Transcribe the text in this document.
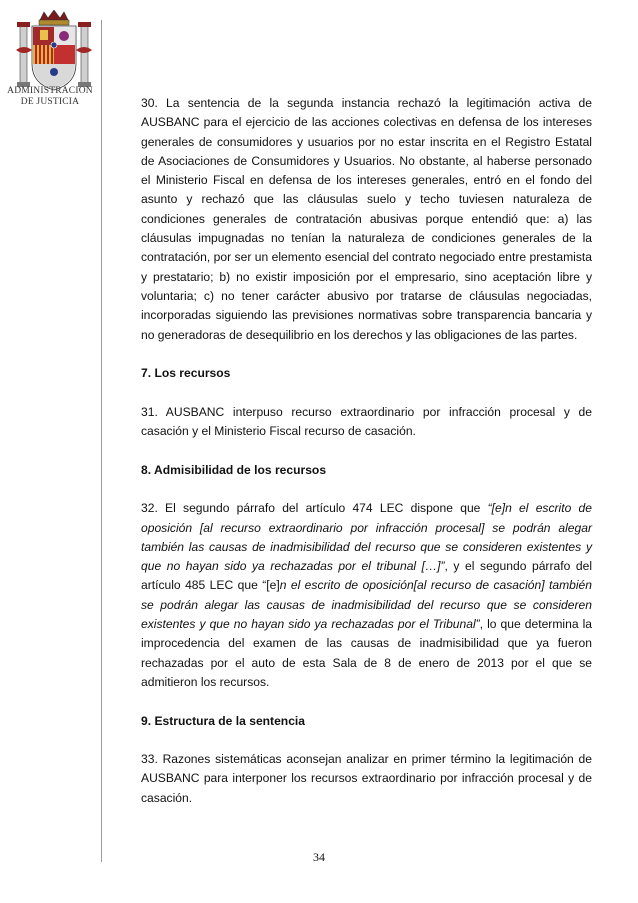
ADMINISTRACION
DE JUSTICIA	30. La sentencia de la segunda instancia rechazó la legitimación activa de AUSBANC para el ejercicio de las acciones colectivas en defensa de los intereses generales de consumidores y usuarios por no estar inscrita en el Registro Estatal de Asociaciones de Consumidores y Usuarios. No obstante, al haberse personado el Ministerio Fiscal en defensa de los intereses generales, entró en el fondo del asunto y rechazó que las cláusulas suelo y techo tuviesen naturaleza de condiciones generales de contratación abusivas porque entendió que: a) las cláusulas impugnadas no tenían la naturaleza de condiciones generales de la contratación, por ser un elemento esencial del contrato negociado entre prestamista y prestatario; b) no existir imposición por el empresario, sino aceptación libre y voluntaria; c) no tener carácter abusivo por tratarse de cláusulas negociadas, incorporadas siguiendo las previsiones normativas sobre transparencia bancaria y no generadoras de desequilibrio en los derechos y las obligaciones de las partes.

7. Los recursos

31. AUSBANC interpuso recurso extraordinario por infracción procesal y de casación y el Ministerio Fiscal recurso de casación.

8. Admisibilidad de los recursos

32. El segundo párrafo del artículo 474 LEC dispone que “[e]n el escrito de oposición [al recurso extraordinario por infracción procesal] se podrán alegar también las causas de inadmisibilidad del recurso que se consideren existentes y que no hayan sido ya rechazadas por el tribunal […]”, y el segundo párrafo del artículo 485 LEC que “[e]n el escrito de oposición[al recurso de casación] también se podrán alegar las causas de inadmisibilidad del recurso que se consideren existentes y que no hayan sido ya rechazadas por el Tribunal”, lo que determina la improcedencia del examen de las causas de inadmisibilidad que ya fueron rechazadas por el auto de esta Sala de 8 de enero de 2013 por el que se admitieron los recursos.

9. Estructura de la sentencia

33. Razones sistemáticas aconsejan analizar en primer término la legitimación de AUSBANC para interponer los recursos extraordinario por infracción procesal y de casación.

34
